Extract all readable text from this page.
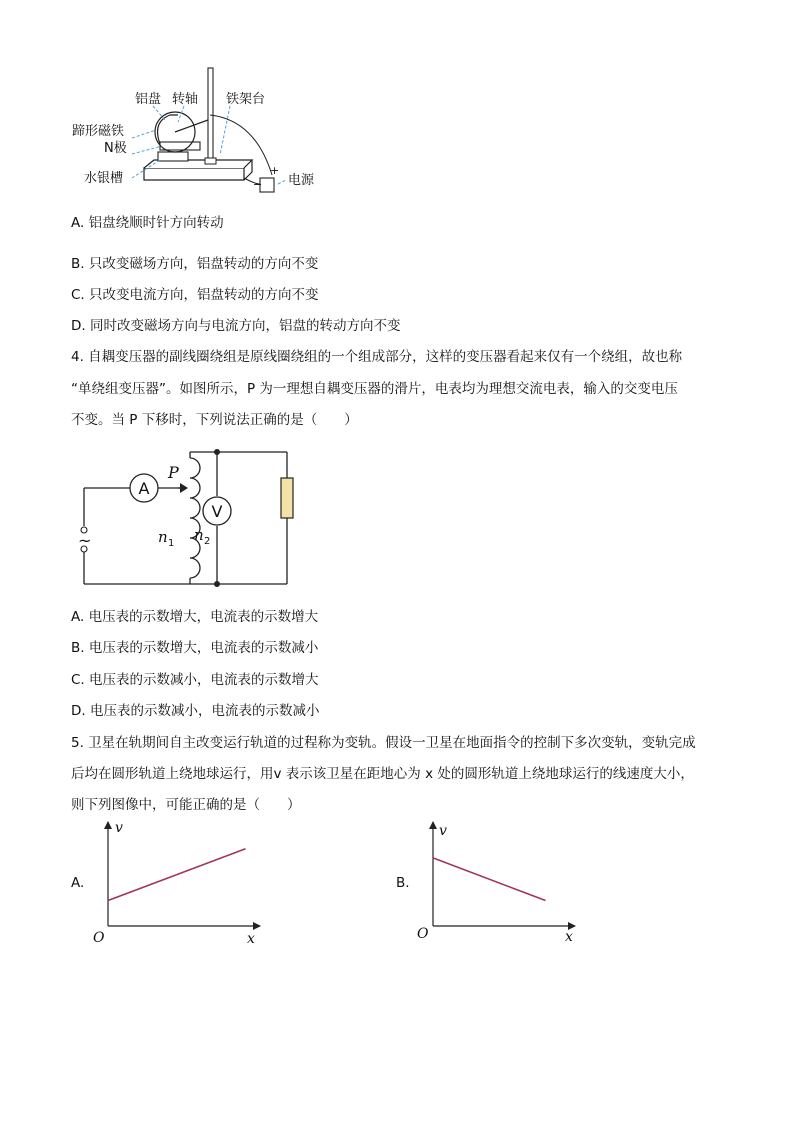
铝盘 转轴 铁架台
蹄形磁铁
N极
水银槽	电源
+
−
A. 铝盘绕顺时针方向转动
B. 只改变磁场方向，铝盘转动的方向不变
C. 只改变电流方向，铝盘转动的方向不变
D. 同时改变磁场方向与电流方向，铝盘的转动方向不变
4. 自耦变压器的副线圈绕组是原线圈绕组的一个组成部分，这样的变压器看起来仅有一个绕组，故也称
“单绕组变压器”。如图所示，P 为一理想自耦变压器的滑片，电表均为理想交流电表，输入的交变电压
不变。当 P 下移时，下列说法正确的是（　　）
A
V
~
P
n 1 n 2
A. 电压表的示数增大，电流表的示数增大
B. 电压表的示数增大，电流表的示数减小
C. 电压表的示数减小，电流表的示数增大
D. 电压表的示数减小，电流表的示数减小
5. 卫星在轨期间自主改变运行轨道的过程称为变轨。假设一卫星在地面指令的控制下多次变轨，变轨完成
后均在圆形轨道上绕地球运行，用v 表示该卫星在距地心为 x 处的圆形轨道上绕地球运行的线速度大小，
则下列图像中，可能正确的是（　　）
A.
v
x
O
B.
v
x
O
